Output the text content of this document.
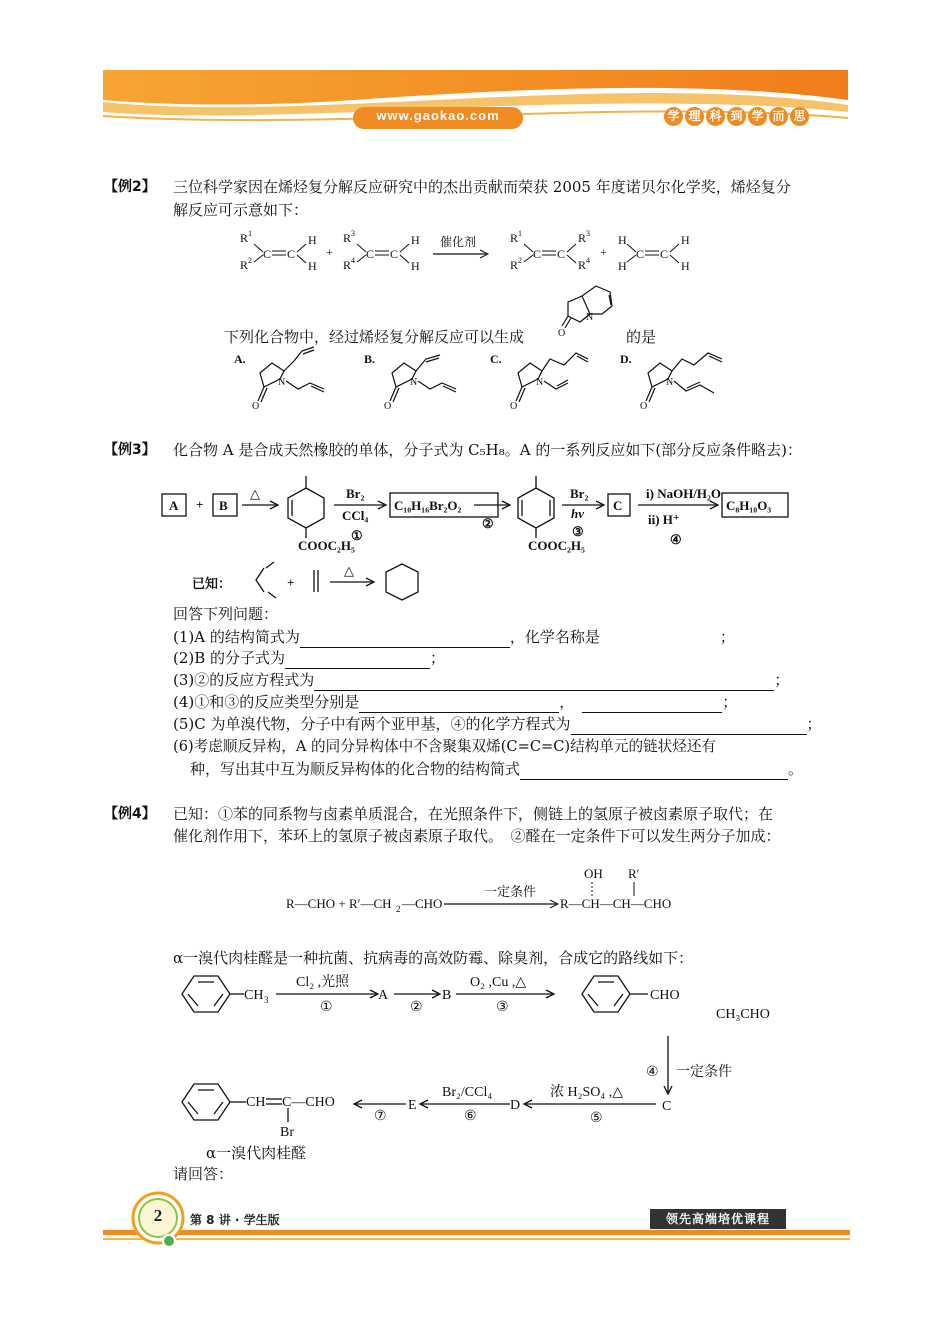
www.gaokao.com	学 理 科 到 学 而 思
【例2】 三位科学家因在烯烃复分解反应研究中的杰出贡献而荣获 2005 年度诺贝尔化学奖，烯烃复分
解反应可示意如下：
R 1
R 2 C C
H
H
+
R 3
R 4 C C
H
H
催化剂	R 1
R 2 C C
R 3
R 4
+
H
H
C C
H
H
O
N
下列化合物中，经过烯烃复分解反应可以生成	的是
A.	B.	C.	D.
N
O
N
O
N
O
N
O
【例3】 化合物 A 是合成天然橡胶的单体，分子式为 C₅H₈。A 的一系列反应如下(部分反应条件略去)：
A + B
△	Br₂
CCl₄
C₁₀H₁₆Br₂O₂
②
Br₂
hν
C
i) NaOH/H₂O
ii) H⁺
④
C₈H₁₀O₃
COOC₂H₅
①
COOC₂H₅
③
已知：	+
△
回答下列问题：
(1)A 的结构简式为	，化学名称是	；
(2)B 的分子式为	；
(3)②的反应方程式为	；
(4)①和③的反应类型分别是	，	；
(5)C 为单溴代物，分子中有两个亚甲基，④的化学方程式为	；
(6)考虑顺反异构，A 的同分异构体中不含聚集双烯(C=C=C)结构单元的链状烃还有
种，写出其中互为顺反异构体的化合物的结构简式	。
【例4】 已知：①苯的同系物与卤素单质混合，在光照条件下，侧链上的氢原子被卤素原子取代；在
催化剂作用下，苯环上的氢原子被卤素原子取代。　②醛在一定条件下可以发生两分子加成：
R—CHO + R′—CH 2 —CHO
一定条件
R—CH—CH—CHO
OH R′
α一溴代肉桂醛是一种抗菌、抗病毒的高效防霉、除臭剂，合成它的路线如下：
CH 3
Cl₂ ,光照
①
A
②
B
O₂ ,Cu ,△
③
CHO
CH₃CHO
④ 一定条件
C
浓 H₂SO₄ ,△
⑤
D
Br₂/CCl₄
⑥
E
⑦
CH C—CHO
Br
α一溴代肉桂醛
请回答：
2	第 8 讲 · 学生版	领先高端培优课程
